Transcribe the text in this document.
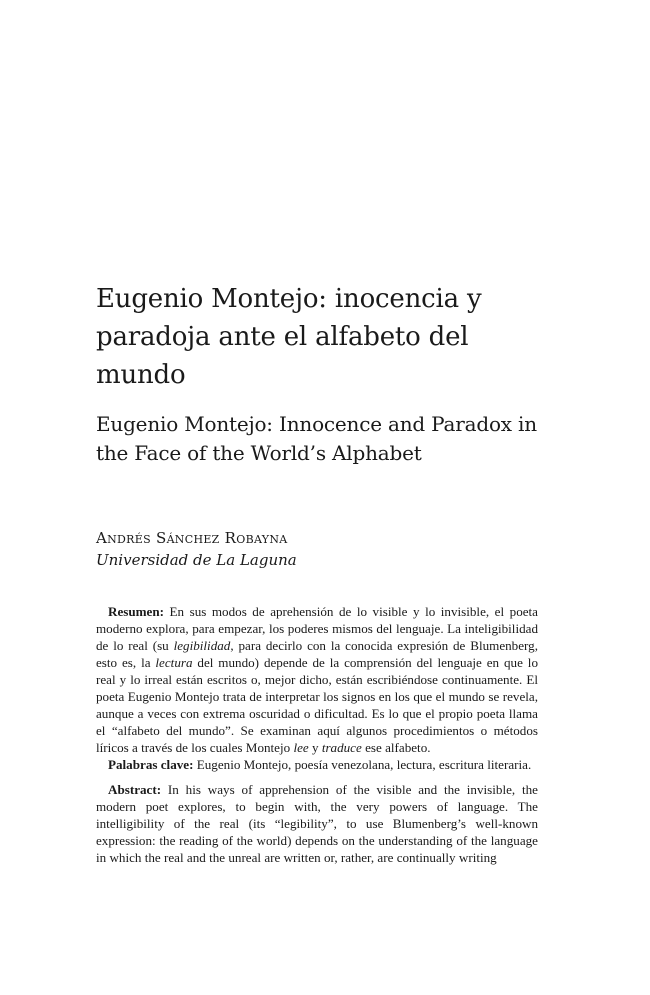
Eugenio Montejo: inocencia y paradoja ante el alfabeto del mundo
Eugenio Montejo: Innocence and Paradox in the Face of the World’s Alphabet
Andrés Sánchez Robayna
Universidad de La Laguna

Resumen: En sus modos de aprehensión de lo visible y lo invisible, el poeta moderno explora, para empezar, los poderes mismos del lenguaje. La inteligibilidad de lo real (su legibilidad, para decirlo con la conocida expresión de Blumenberg, esto es, la lectura del mundo) depende de la comprensión del lenguaje en que lo real y lo irreal están escritos o, mejor dicho, están escribiéndose continuamente. El poeta Eugenio Montejo trata de interpretar los signos en los que el mundo se revela, aunque a veces con extrema oscuridad o dificultad. Es lo que el propio poeta llama el “alfabeto del mundo”. Se examinan aquí algunos procedimientos o métodos líricos a través de los cuales Montejo lee y traduce ese alfabeto.

Palabras clave: Eugenio Montejo, poesía venezolana, lectura, escritura literaria.

Abstract: In his ways of apprehension of the visible and the invisible, the modern poet explores, to begin with, the very powers of language. The intelligibility of the real (its “legibility”, to use Blumenberg’s well-known expression: the reading of the world) depends on the understanding of the language in which the real and the unreal are written or, rather, are continually writing
